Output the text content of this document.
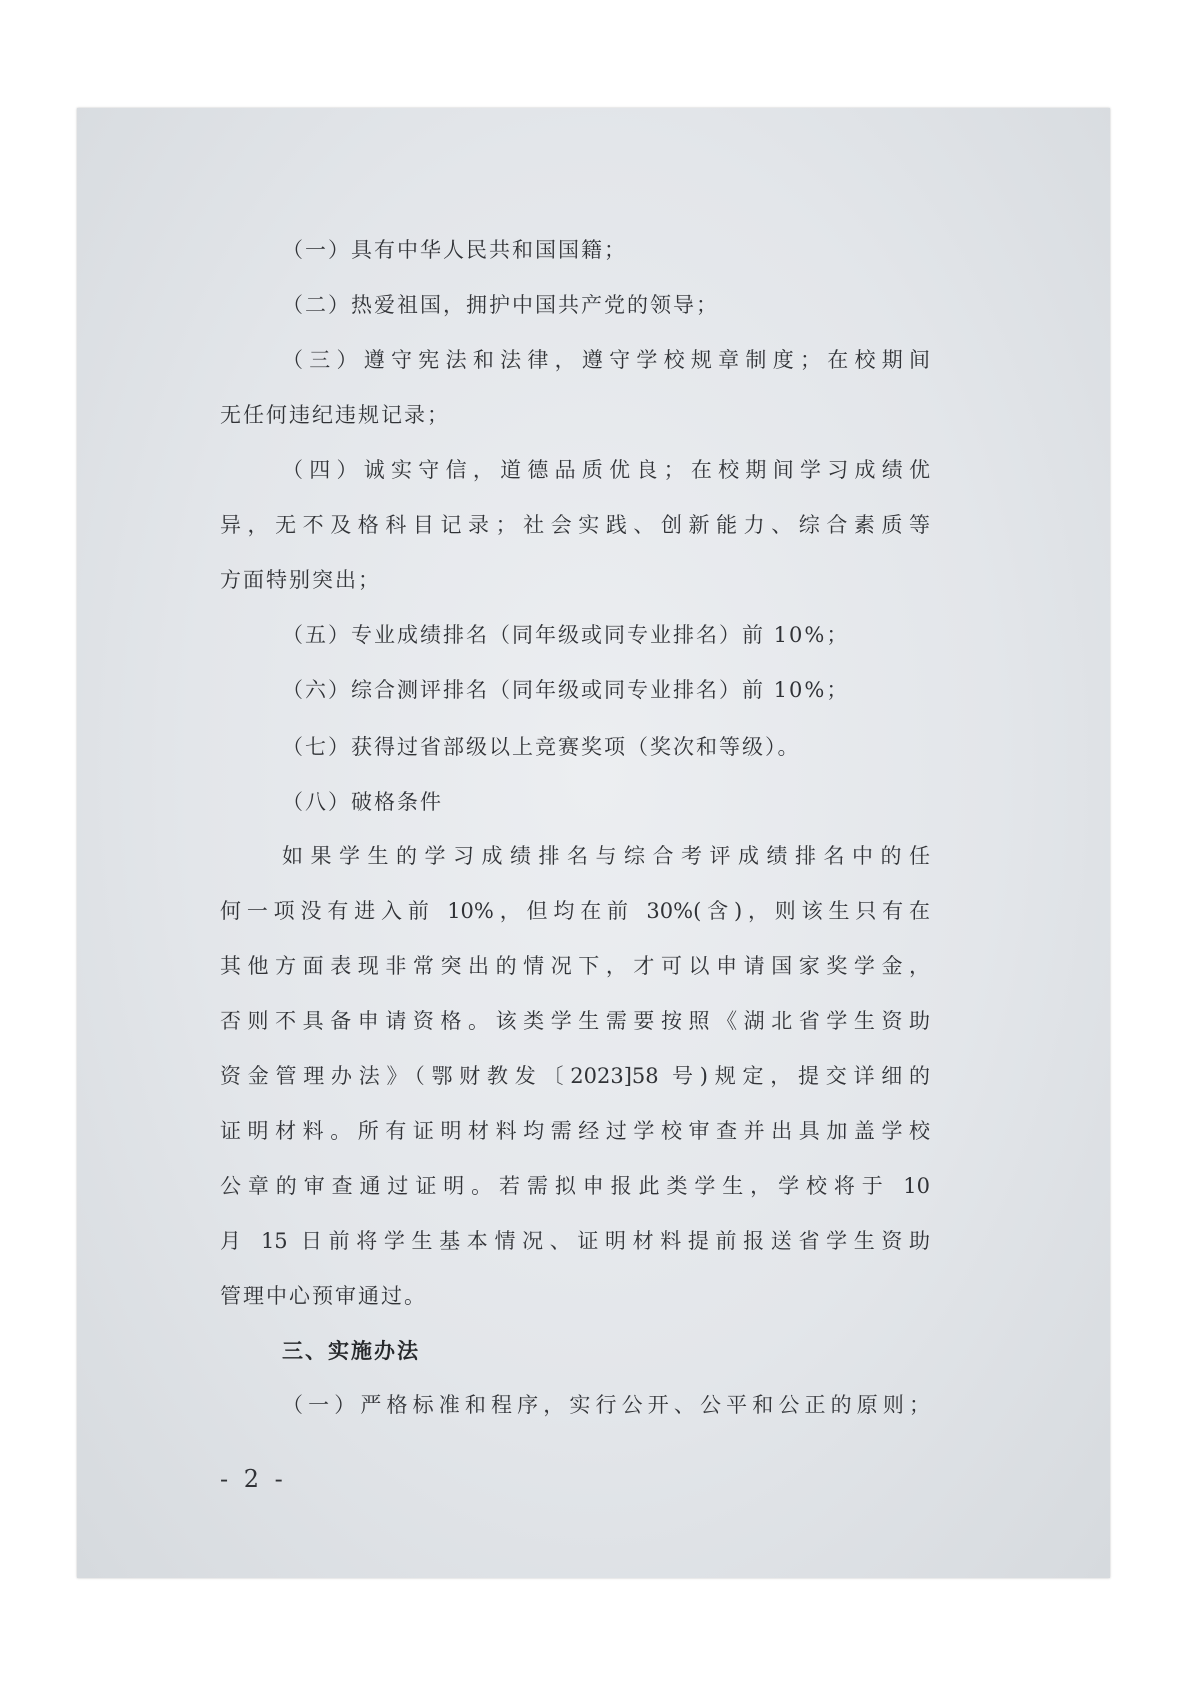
（一）具有中华人民共和国国籍；
（二）热爱祖国，拥护中国共产党的领导；
（三）遵守宪法和法律，遵守学校规章制度；在校期间
无任何违纪违规记录；
（四）诚实守信，道德品质优良；在校期间学习成绩优
异，无不及格科目记录；社会实践、创新能力、综合素质等
方面特别突出；
（五）专业成绩排名（同年级或同专业排名）前 10%；
（六）综合测评排名（同年级或同专业排名）前 10%；
（七）获得过省部级以上竞赛奖项（奖次和等级）。
（八）破格条件
如果学生的学习成绩排名与综合考评成绩排名中的任
何一项没有进入前 10%，但均在前 30%(含)，则该生只有在
其他方面表现非常突出的情况下，才可以申请国家奖学金，
否则不具备申请资格。该类学生需要按照《湖北省学生资助
资金管理办法》（鄂财教发〔2023]58 号)规定，提交详细的
证明材料。所有证明材料均需经过学校审查并出具加盖学校
公章的审查通过证明。若需拟申报此类学生，学校将于 10
月 15 日前将学生基本情况、证明材料提前报送省学生资助
管理中心预审通过。
三、实施办法
（一）严格标准和程序，实行公开、公平和公正的原则；
- 2 -
